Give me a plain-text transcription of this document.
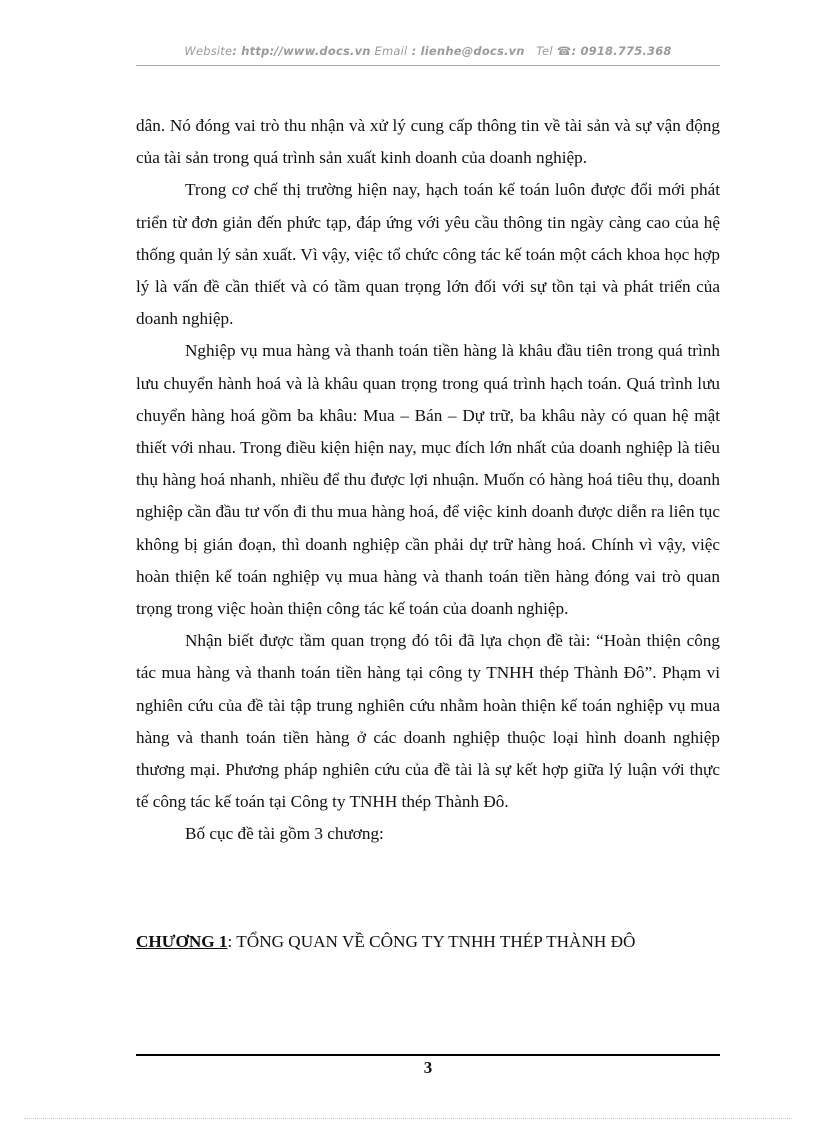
Website: http://www.docs.vn Email : lienhe@docs.vn Tel ☎: 0918.775.368

dân. Nó đóng vai trò thu nhận và xử lý cung cấp thông tin về tài sản và sự vận động của tài sản trong quá trình sản xuất kinh doanh của doanh nghiệp.

Trong cơ chế thị trường hiện nay, hạch toán kế toán luôn được đổi mới phát triển từ đơn giản đến phức tạp, đáp ứng với yêu cầu thông tin ngày càng cao của hệ thống quản lý sản xuất. Vì vậy, việc tổ chức công tác kế toán một cách khoa học hợp lý là vấn đề cần thiết và có tầm quan trọng lớn đối với sự tồn tại và phát triển của doanh nghiệp.

Nghiệp vụ mua hàng và thanh toán tiền hàng là khâu đầu tiên trong quá trình lưu chuyển hành hoá và là khâu quan trọng trong quá trình hạch toán. Quá trình lưu chuyển hàng hoá gồm ba khâu: Mua – Bán – Dự trữ, ba khâu này có quan hệ mật thiết với nhau. Trong điều kiện hiện nay, mục đích lớn nhất của doanh nghiệp là tiêu thụ hàng hoá nhanh, nhiều để thu được lợi nhuận. Muốn có hàng hoá tiêu thụ, doanh nghiệp cần đầu tư vốn đi thu mua hàng hoá, để việc kinh doanh được diễn ra liên tục không bị gián đoạn, thì doanh nghiệp cần phải dự trữ hàng hoá. Chính vì vậy, việc hoàn thiện kế toán nghiệp vụ mua hàng và thanh toán tiền hàng đóng vai trò quan trọng trong việc hoàn thiện công tác kế toán của doanh nghiệp.

Nhận biết được tầm quan trọng đó tôi đã lựa chọn đề tài: “Hoàn thiện công tác mua hàng và thanh toán tiền hàng tại công ty TNHH thép Thành Đô”. Phạm vi nghiên cứu của đề tài tập trung nghiên cứu nhằm hoàn thiện kế toán nghiệp vụ mua hàng và thanh toán tiền hàng ở các doanh nghiệp thuộc loại hình doanh nghiệp thương mại. Phương pháp nghiên cứu của đề tài là sự kết hợp giữa lý luận với thực tế công tác kế toán tại Công ty TNHH thép Thành Đô.

Bố cục đề tài gồm 3 chương:

CHƯƠNG 1: TỔNG QUAN VỀ CÔNG TY TNHH THÉP THÀNH ĐÔ
3
